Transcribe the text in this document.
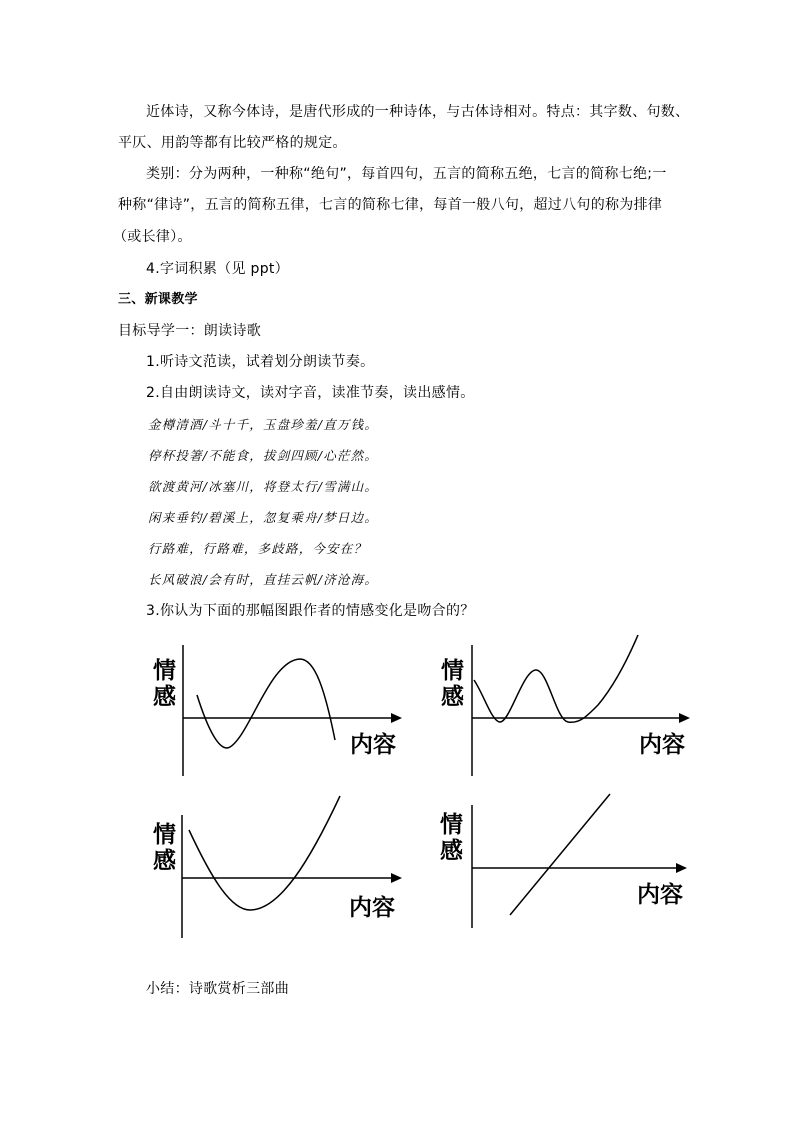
近体诗，又称今体诗，是唐代形成的一种诗体，与古体诗相对。特点：其字数、句数、
平仄、用韵等都有比较严格的规定。
类别：分为两种，一种称“绝句”，每首四句，五言的简称五绝，七言的简称七绝;一
种称“律诗”，五言的简称五律，七言的简称七律，每首一般八句，超过八句的称为排律
（或长律）。
4.字词积累（见 ppt）
三、新课教学
目标导学一：朗读诗歌
1.听诗文范读，试着划分朗读节奏。
2.自由朗读诗文，读对字音，读准节奏，读出感情。
金樽清酒/斗十千，玉盘珍羞/直万钱。
停杯投箸/不能食，拔剑四顾/心茫然。
欲渡黄河/冰塞川，将登太行/雪满山。
闲来垂钓/碧溪上，忽复乘舟/梦日边。
行路难，行路难，多歧路，今安在？
长风破浪/会有时，直挂云帆/济沧海。
3.你认为下面的那幅图跟作者的情感变化是吻合的？
情
感
内容
情
感
内容
情
感
内容
情
感
内容
小结：诗歌赏析三部曲
